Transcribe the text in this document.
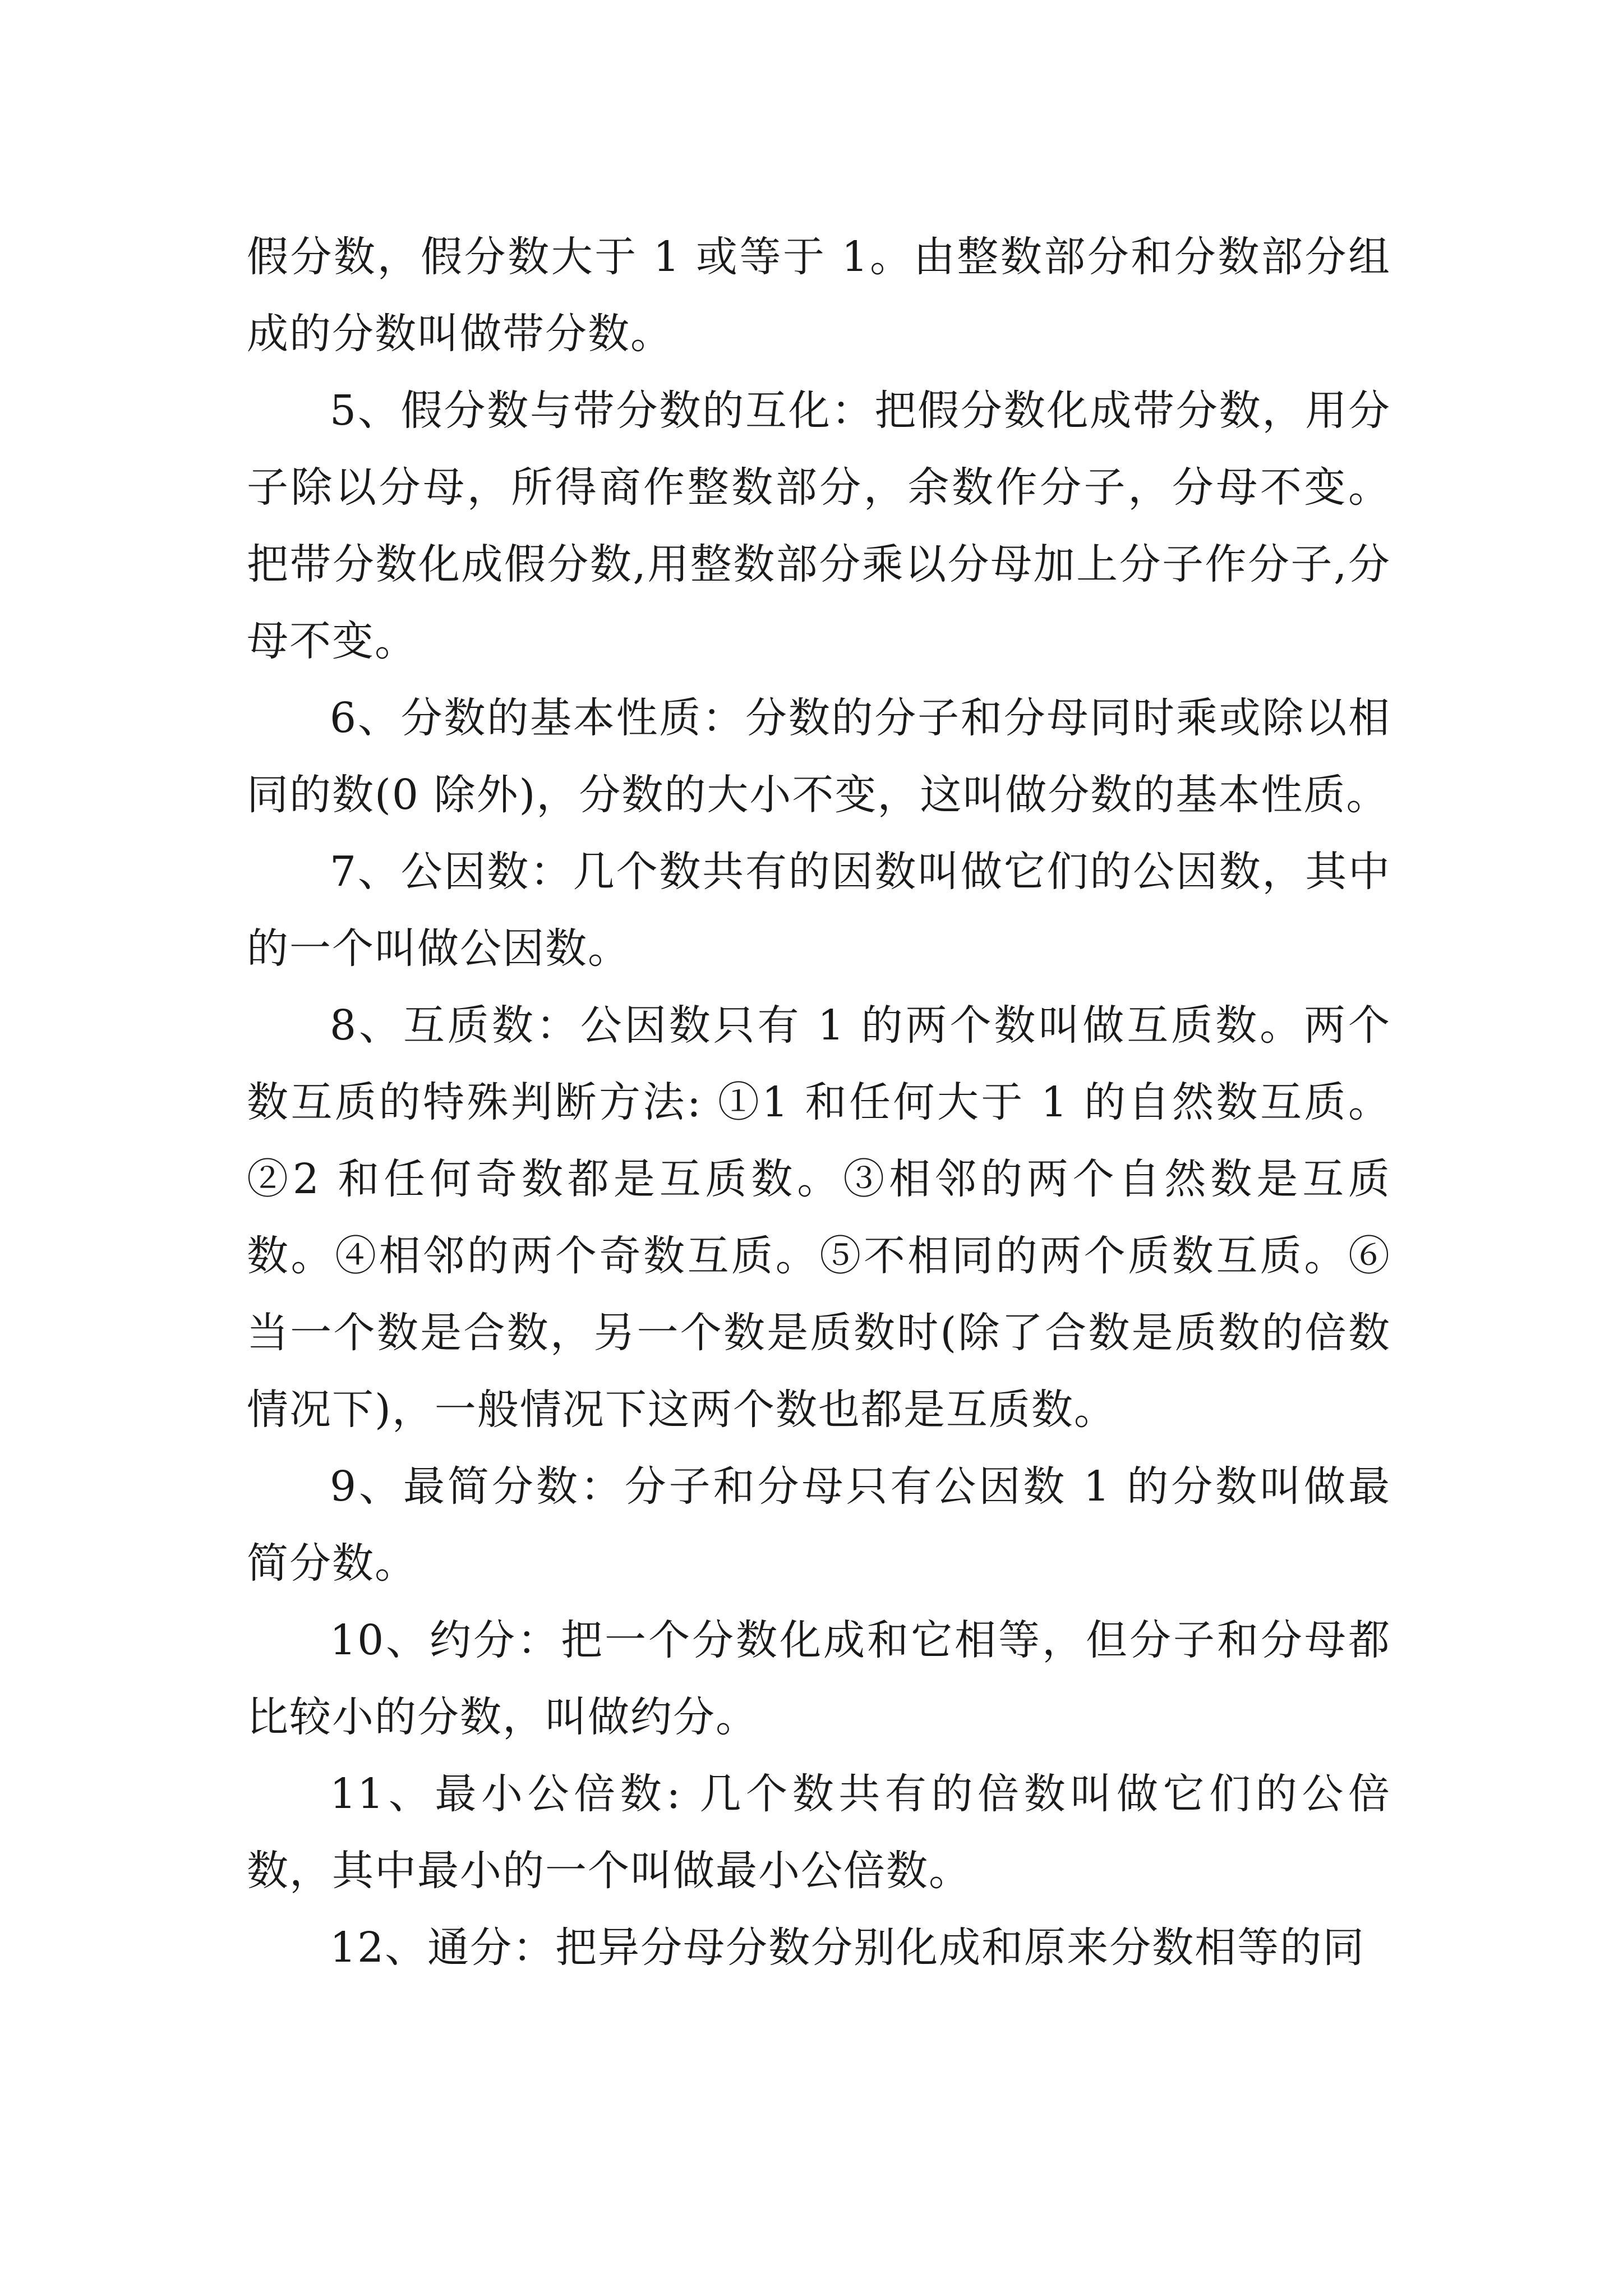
假分数，假分数大于 1 或等于 1。由整数部分和分数部分组成的分数叫做带分数。

5、假分数与带分数的互化：把假分数化成带分数，用分子除以分母，所得商作整数部分，余数作分子，分母不变。把带分数化成假分数,用整数部分乘以分母加上分子作分子,分母不变。

6、分数的基本性质：分数的分子和分母同时乘或除以相同的数(0 除外)，分数的大小不变，这叫做分数的基本性质。

7、公因数：几个数共有的因数叫做它们的公因数，其中的一个叫做公因数。

8、互质数：公因数只有 1 的两个数叫做互质数。两个数互质的特殊判断方法: ①1 和任何大于 1 的自然数互质。②2 和任何奇数都是互质数。③相邻的两个自然数是互质数。④相邻的两个奇数互质。⑤不相同的两个质数互质。⑥当一个数是合数，另一个数是质数时(除了合数是质数的倍数情况下)，一般情况下这两个数也都是互质数。

9、最简分数：分子和分母只有公因数 1 的分数叫做最简分数。

10、约分：把一个分数化成和它相等，但分子和分母都比较小的分数，叫做约分。

11、最小公倍数: 几个数共有的倍数叫做它们的公倍数，其中最小的一个叫做最小公倍数。

12、通分：把异分母分数分别化成和原来分数相等的同
